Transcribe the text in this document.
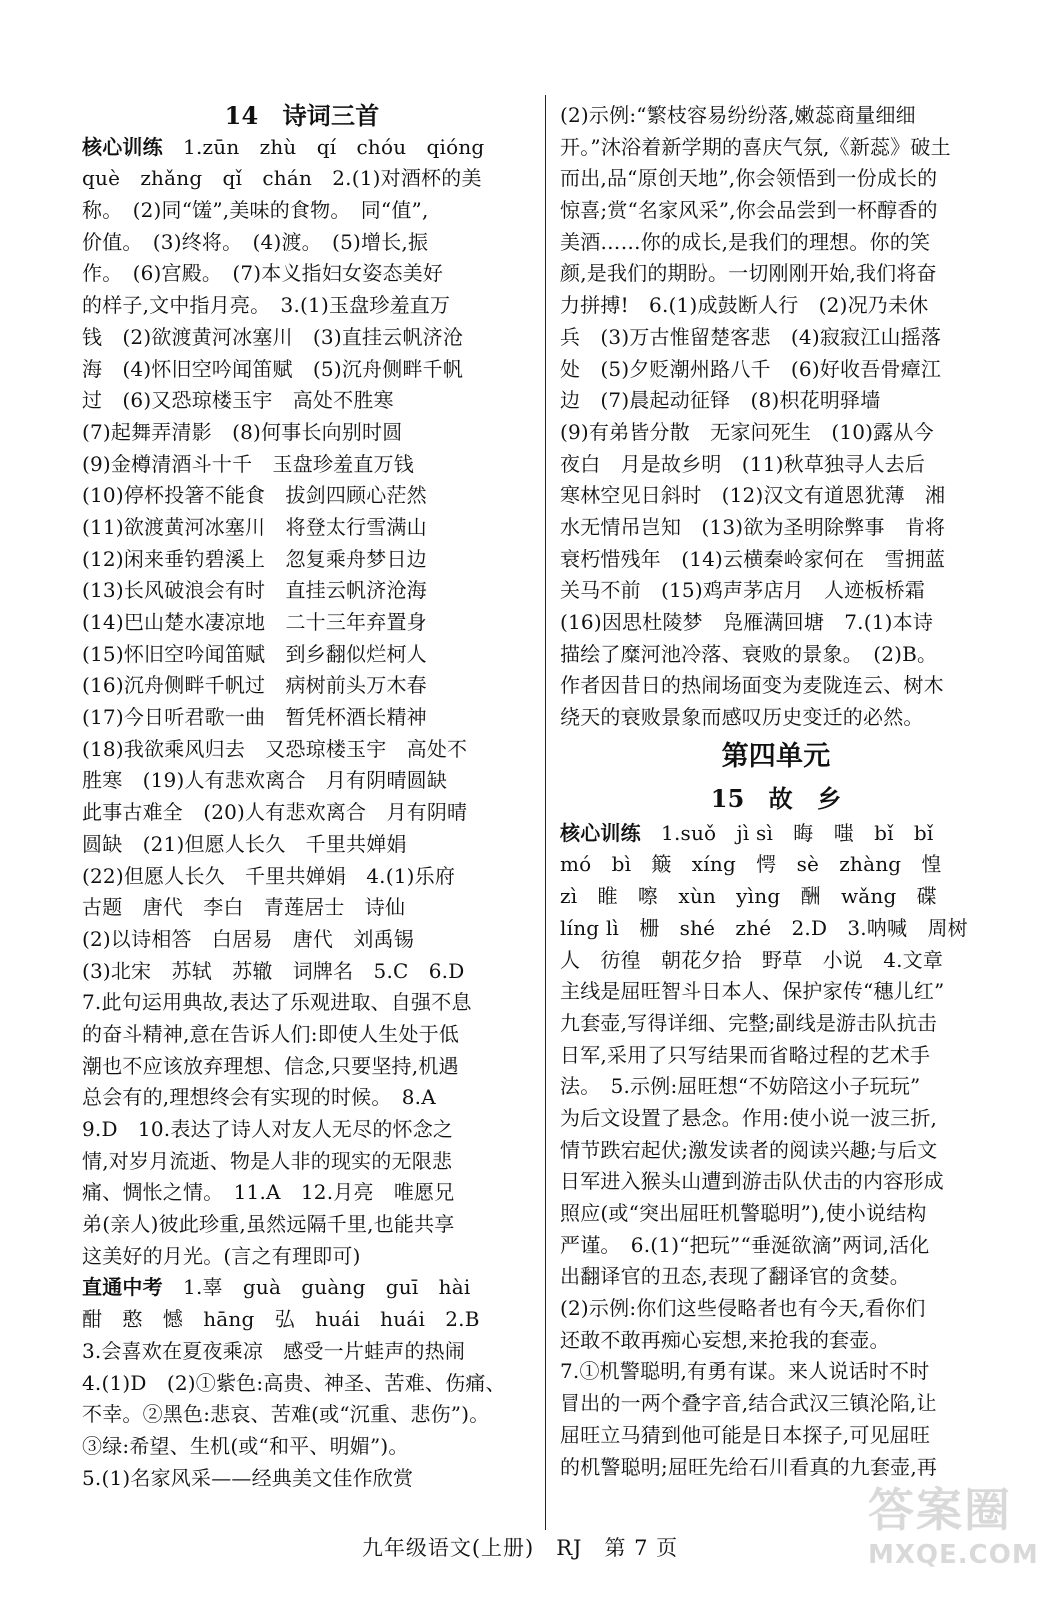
14　诗词三首
核心训练　 1.zūn　zhù　qí　chóu　qióng
què　zhǎng　qǐ　chán　2.(1)对酒杯的美
称。　(2)同“馐”,美味的食物。　同“值”,
价值。　(3)终将。　(4)渡。　(5)增长,振
作。　(6)宫殿。　(7)本义指妇女姿态美好
的样子,文中指月亮。　3.(1)玉盘珍羞直万
钱　(2)欲渡黄河冰塞川　(3)直挂云帆济沧
海　(4)怀旧空吟闻笛赋　(5)沉舟侧畔千帆
过　(6)又恐琼楼玉宇　高处不胜寒
(7)起舞弄清影　(8)何事长向别时圆
(9)金樽清酒斗十千　玉盘珍羞直万钱
(10)停杯投箸不能食　拔剑四顾心茫然
(11)欲渡黄河冰塞川　将登太行雪满山
(12)闲来垂钓碧溪上　忽复乘舟梦日边
(13)长风破浪会有时　直挂云帆济沧海
(14)巴山楚水凄凉地　二十三年弃置身
(15)怀旧空吟闻笛赋　到乡翻似烂柯人
(16)沉舟侧畔千帆过　病树前头万木春
(17)今日听君歌一曲　暂凭杯酒长精神
(18)我欲乘风归去　又恐琼楼玉宇　高处不
胜寒　(19)人有悲欢离合　月有阴晴圆缺
此事古难全　(20)人有悲欢离合　月有阴晴
圆缺　(21)但愿人长久　千里共婵娟
(22)但愿人长久　千里共婵娟　4.(1)乐府
古题　唐代　李白　青莲居士　诗仙
(2)以诗相答　白居易　唐代　刘禹锡
(3)北宋　苏轼　苏辙　词牌名　5.C　6.D
7.此句运用典故,表达了乐观进取、自强不息
的奋斗精神,意在告诉人们:即使人生处于低
潮也不应该放弃理想、信念,只要坚持,机遇
总会有的,理想终会有实现的时候。　8.A
9.D　10.表达了诗人对友人无尽的怀念之
情,对岁月流逝、物是人非的现实的无限悲
痛、惆怅之情。　11.A　12.月亮　唯愿兄
弟(亲人)彼此珍重,虽然远隔千里,也能共享
这美好的月光。(言之有理即可)
直通中考　 1.辜　guà　guàng　guī　hài
酣　憨　憾　hāng　弘　huái　huái　2.B
3.会喜欢在夏夜乘凉　感受一片蛙声的热闹
4.(1)D　(2)①紫色:高贵、神圣、苦难、伤痛、
不幸。②黑色:悲哀、苦难(或“沉重、悲伤”)。
③绿:希望、生机(或“和平、明媚”)。
5.(1)名家风采——经典美文佳作欣赏
(2)示例:“繁枝容易纷纷落,嫩蕊商量细细
开。”沐浴着新学期的喜庆气氛,《新蕊》破土
而出,品“原创天地”,你会领悟到一份成长的
惊喜;赏“名家风采”,你会品尝到一杯醇香的
美酒……你的成长,是我们的理想。你的笑
颜,是我们的期盼。一切刚刚开始,我们将奋
力拼搏!　6.(1)成鼓断人行　(2)况乃未休
兵　(3)万古惟留楚客悲　(4)寂寂江山摇落
处　(5)夕贬潮州路八千　(6)好收吾骨瘴江
边　(7)晨起动征铎　(8)枳花明驿墙
(9)有弟皆分散　无家问死生　(10)露从今
夜白　月是故乡明　(11)秋草独寻人去后
寒林空见日斜时　(12)汉文有道恩犹薄　湘
水无情吊岂知　(13)欲为圣明除弊事　肯将
衰朽惜残年　(14)云横秦岭家何在　雪拥蓝
关马不前　(15)鸡声茅店月　人迹板桥霜
(16)因思杜陵梦　凫雁满回塘　7.(1)本诗
描绘了糜河池冷落、衰败的景象。　(2)B。
作者因昔日的热闹场面变为麦陇连云、树木
绕天的衰败景象而感叹历史变迁的必然。
第四单元
15　故　乡
核心训练　 1.suǒ　jì sì　晦　嗤　bǐ　bǐ
mó　bì　簸　xíng　愕　sè　zhàng　惶
zì　睢　嚓　xùn　yìng　酬　wǎng　碟
líng lì　栅　shé　zhé　2.D　3.呐喊　周树
人　彷徨　朝花夕拾　野草　小说　4.文章
主线是屈旺智斗日本人、保护家传“穗儿红”
九套壶,写得详细、完整;副线是游击队抗击
日军,采用了只写结果而省略过程的艺术手
法。　5.示例:屈旺想“不妨陪这小子玩玩”
为后文设置了悬念。作用:使小说一波三折,
情节跌宕起伏;激发读者的阅读兴趣;与后文
日军进入猴头山遭到游击队伏击的内容形成
照应(或“突出屈旺机警聪明”),使小说结构
严谨。　6.(1)“把玩”“垂涎欲滴”两词,活化
出翻译官的丑态,表现了翻译官的贪婪。
(2)示例:你们这些侵略者也有今天,看你们
还敢不敢再痴心妄想,来抢我的套壶。
7.①机警聪明,有勇有谋。来人说话时不时
冒出的一两个叠字音,结合武汉三镇沦陷,让
屈旺立马猜到他可能是日本探子,可见屈旺
的机警聪明;屈旺先给石川看真的九套壶,再
九年级语文(上册)　RJ　第 7 页
答案圈
MXQE.COM
